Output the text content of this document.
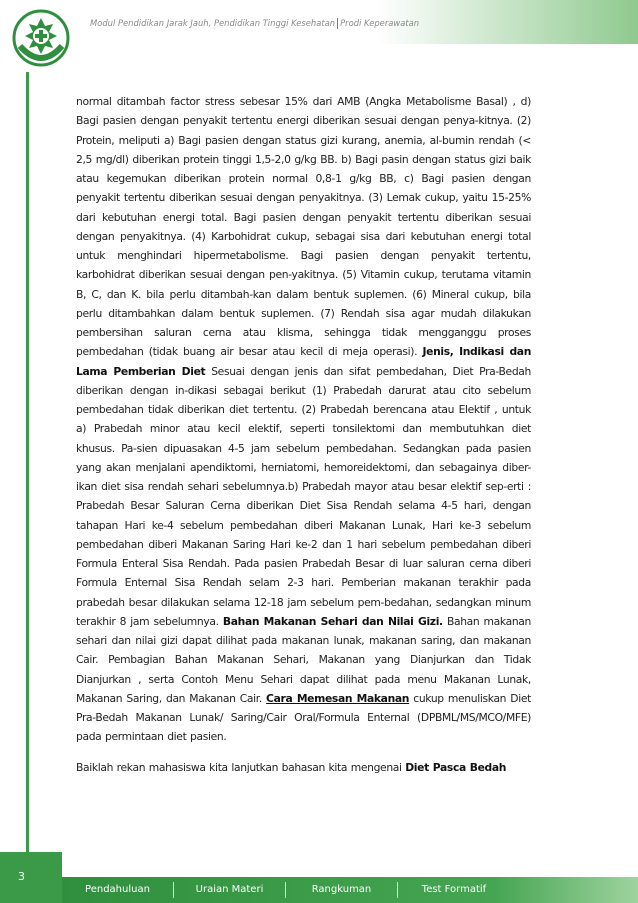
Modul Pendidikan Jarak Jauh, Pendidikan Tinggi Kesehatan Prodi Keperawatan

normal ditambah factor stress sebesar 15% dari AMB (Angka Metabolisme Basal) , d) Bagi pasien dengan penyakit tertentu energi diberikan sesuai dengan penya-kitnya. (2) Protein, meliputi a) Bagi pasien dengan status gizi kurang, anemia, al-bumin rendah (< 2,5 mg/dl) diberikan protein tinggi 1,5-2,0 g/kg BB. b) Bagi pasin dengan status gizi baik atau kegemukan diberikan protein normal 0,8-1 g/kg BB, c) Bagi pasien dengan penyakit tertentu diberikan sesuai dengan penyakitnya. (3) Lemak cukup, yaitu 15-25% dari kebutuhan energi total. Bagi pasien dengan penyakit tertentu diberikan sesuai dengan penyakitnya. (4) Karbohidrat cukup, sebagai sisa dari kebutuhan energi total untuk menghindari hipermetabolisme. Bagi pasien dengan penyakit tertentu, karbohidrat diberikan sesuai dengan pen-yakitnya. (5) Vitamin cukup, terutama vitamin B, C, dan K. bila perlu ditambah-kan dalam bentuk suplemen. (6) Mineral cukup, bila perlu ditambahkan dalam bentuk suplemen. (7) Rendah sisa agar mudah dilakukan pembersihan saluran cerna atau klisma, sehingga tidak mengganggu proses pembedahan (tidak buang air besar atau kecil di meja operasi). Jenis, Indikasi dan Lama Pemberian Diet Sesuai dengan jenis dan sifat pembedahan, Diet Pra-Bedah diberikan dengan in-dikasi sebagai berikut (1) Prabedah darurat atau cito sebelum pembedahan tidak diberikan diet tertentu. (2) Prabedah berencana atau Elektif , untuk a) Prabedah minor atau kecil elektif, seperti tonsilektomi dan membutuhkan diet khusus. Pa-sien dipuasakan 4-5 jam sebelum pembedahan. Sedangkan pada pasien yang akan menjalani apendiktomi, herniatomi, hemoreidektomi, dan sebagainya diber-ikan diet sisa rendah sehari sebelumnya.b) Prabedah mayor atau besar elektif sep-erti : Prabedah Besar Saluran Cerna diberikan Diet Sisa Rendah selama 4-5 hari, dengan tahapan Hari ke-4 sebelum pembedahan diberi Makanan Lunak, Hari ke-3 sebelum pembedahan diberi Makanan Saring Hari ke-2 dan 1 hari sebelum pembedahan diberi Formula Enteral Sisa Rendah. Pada pasien Prabedah Besar di luar saluran cerna diberi Formula Enternal Sisa Rendah selam 2-3 hari. Pemberian makanan terakhir pada prabedah besar dilakukan selama 12-18 jam sebelum pem-bedahan, sedangkan minum terakhir 8 jam sebelumnya. Bahan Makanan Sehari dan Nilai Gizi. Bahan makanan sehari dan nilai gizi dapat dilihat pada makanan lunak, makanan saring, dan makanan Cair. Pembagian Bahan Makanan Sehari, Makanan yang Dianjurkan dan Tidak Dianjurkan , serta Contoh Menu Sehari dapat dilihat pada menu Makanan Lunak, Makanan Saring, dan Makanan Cair. Cara Memesan Makanan cukup menuliskan Diet Pra-Bedah Makanan Lunak/ Saring/Cair Oral/Formula Enternal (DPBML/MS/MCO/MFE) pada permintaan diet pasien.

Baiklah rekan mahasiswa kita lanjutkan bahasan kita mengenai Diet Pasca Bedah

3
Pendahuluan	Uraian Materi	Rangkuman	Test Formatif
